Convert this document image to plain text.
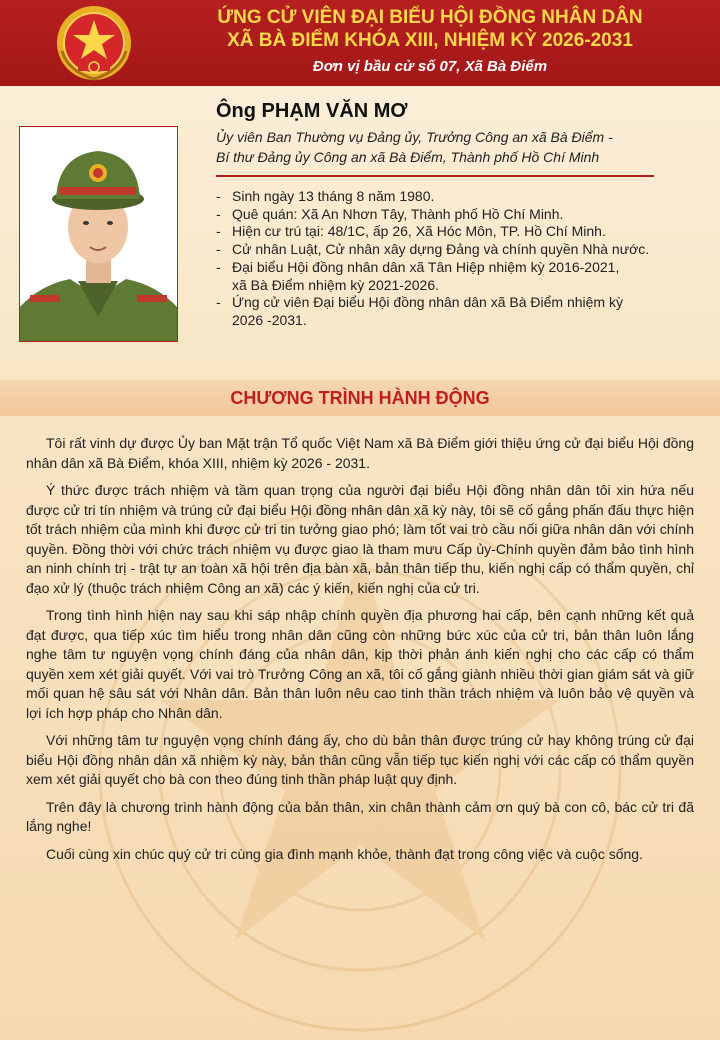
ỨNG CỬ VIÊN ĐẠI BIỂU HỘI ĐỒNG NHÂN DÂN
XÃ BÀ ĐIỂM KHÓA XIII, NHIỆM KỲ 2026-2031
Đơn vị bầu cử số 07, Xã Bà Điểm
Ông PHẠM VĂN MƠ
Ủy viên Ban Thường vụ Đảng ủy, Trưởng Công an xã Bà Điểm -
Bí thư Đảng ủy Công an xã Bà Điểm, Thành phố Hồ Chí Minh
- Sinh ngày 13 tháng 8 năm 1980.
- Quê quán: Xã An Nhơn Tây, Thành phố Hồ Chí Minh.
- Hiện cư trú tại: 48/1C, ấp 26, Xã Hóc Môn, TP. Hồ Chí Minh.
- Cử nhân Luật, Cử nhân xây dựng Đảng và chính quyền Nhà nước.
- Đại biểu Hội đồng nhân dân xã Tân Hiệp nhiệm kỳ 2016-2021,
xã Bà Điểm nhiệm kỳ 2021-2026.
- Ứng cử viên Đại biểu Hội đồng nhân dân xã Bà Điểm nhiệm kỳ
2026 -2031.
CHƯƠNG TRÌNH HÀNH ĐỘNG

Tôi rất vinh dự được Ủy ban Mặt trận Tổ quốc Việt Nam xã Bà Điểm giới thiệu ứng cử đại biểu Hội đồng nhân dân xã Bà Điểm, khóa XIII, nhiệm kỳ 2026 - 2031.

Ý thức được trách nhiệm và tầm quan trọng của người đại biểu Hội đồng nhân dân tôi xin hứa nếu được cử tri tín nhiệm và trúng cử đại biểu Hội đồng nhân dân xã kỳ này, tôi sẽ cố gắng phấn đấu thực hiện tốt trách nhiệm của mình khi được cử tri tin tưởng giao phó; làm tốt vai trò cầu nối giữa nhân dân với chính quyền. Đồng thời với chức trách nhiệm vụ được giao là tham mưu Cấp ủy-Chính quyền đảm bảo tình hình an ninh chính trị - trật tự an toàn xã hội trên địa bàn xã, bản thân tiếp thu, kiến nghị cấp có thẩm quyền, chỉ đạo xử lý (thuộc trách nhiệm Công an xã) các ý kiến, kiến nghị của cử tri.

Trong tình hình hiện nay sau khi sáp nhập chính quyền địa phương hai cấp, bên cạnh những kết quả đạt được, qua tiếp xúc tìm hiểu trong nhân dân cũng còn những bức xúc của cử tri, bản thân luôn lắng nghe tâm tư nguyện vọng chính đáng của nhân dân, kịp thời phản ánh kiến nghị cho các cấp có thẩm quyền xem xét giải quyết. Với vai trò Trưởng Công an xã, tôi cố gắng giành nhiều thời gian giám sát và giữ mối quan hệ sâu sát với Nhân dân. Bản thân luôn nêu cao tinh thần trách nhiệm và luôn bảo vệ quyền và lợi ích hợp pháp cho Nhân dân.

Với những tâm tư nguyện vọng chính đáng ấy, cho dù bản thân được trúng cử hay không trúng cử đại biểu Hội đồng nhân dân xã nhiệm kỳ này, bản thân cũng vẫn tiếp tục kiến nghị với các cấp có thẩm quyền xem xét giải quyết cho bà con theo đúng tinh thần pháp luật quy định.

Trên đây là chương trình hành động của bản thân, xin chân thành cảm ơn quý bà con cô, bác cử tri đã lắng nghe!

Cuối cùng xin chúc quý cử tri cùng gia đình mạnh khỏe, thành đạt trong công việc và cuộc sống.
